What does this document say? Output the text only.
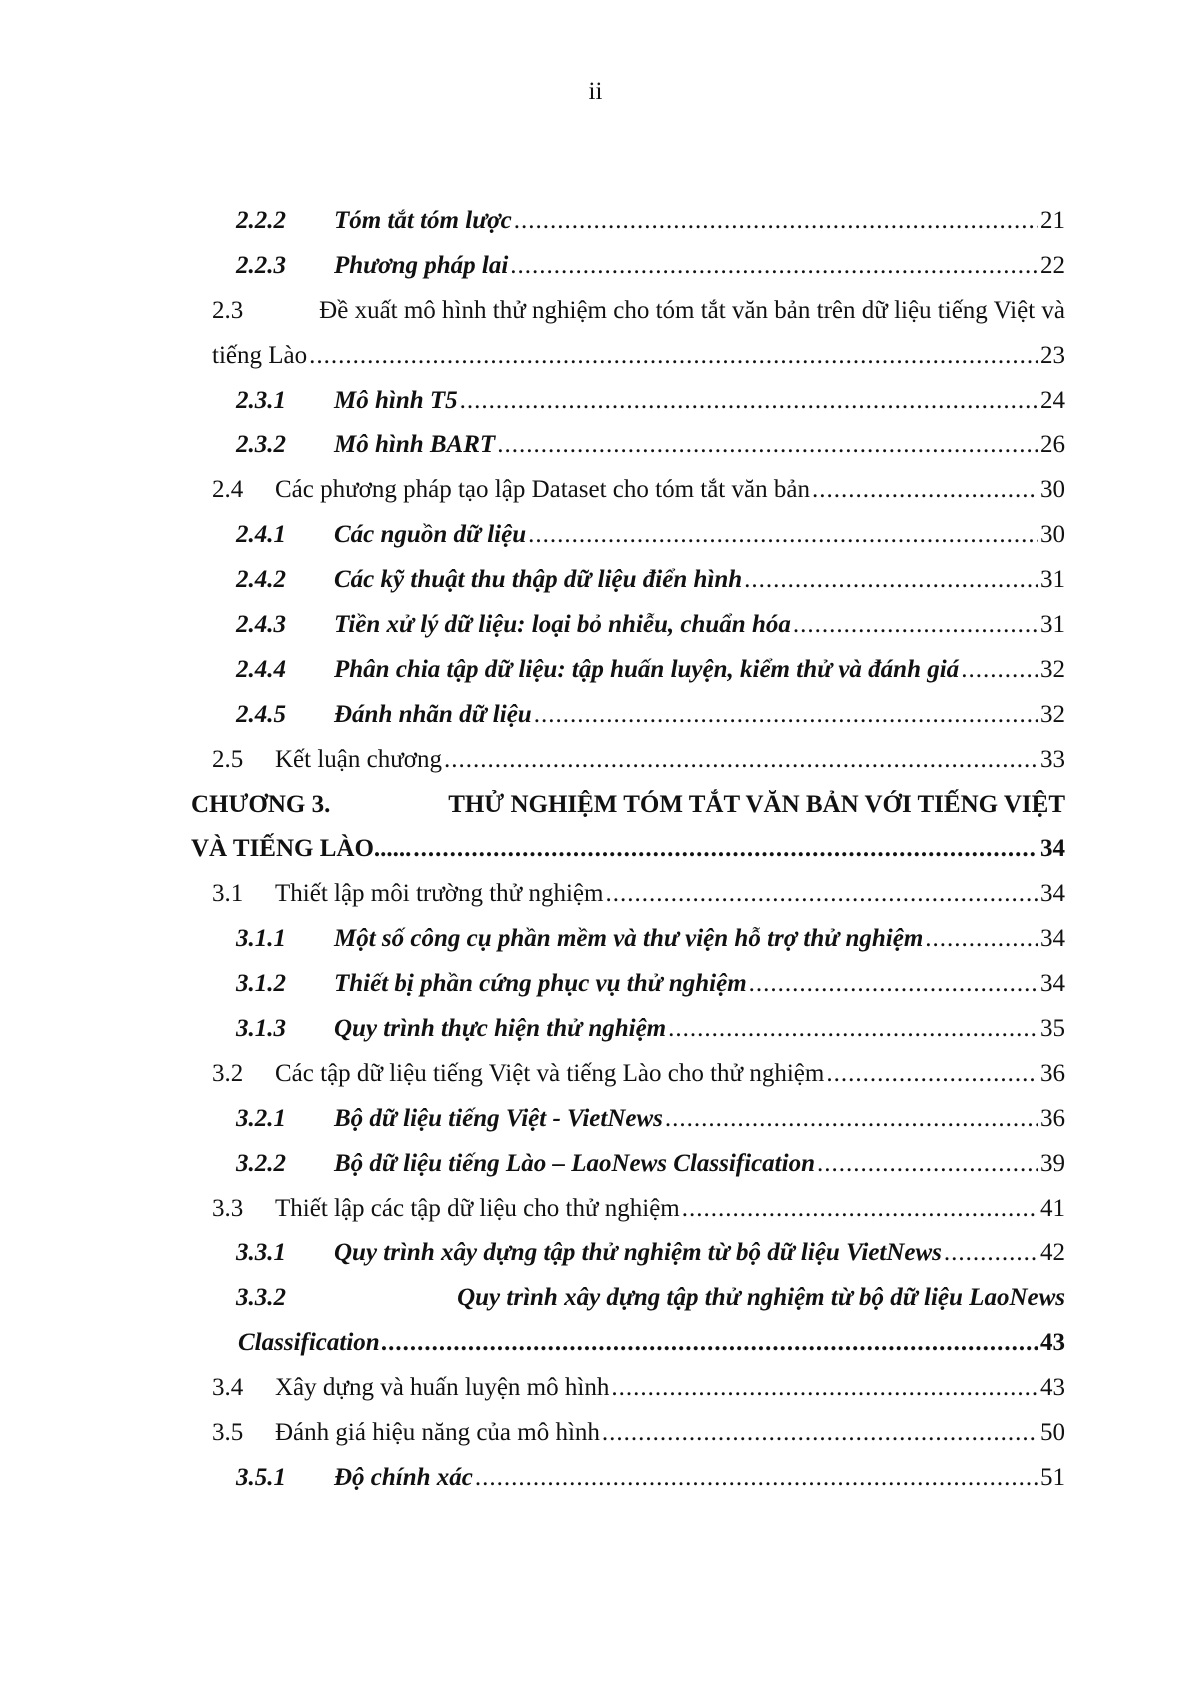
ii
2.2.2	Tóm tắt tóm lược .....	21
2.2.3	Phương pháp lai .....	22
2.3	Đề xuất mô hình thử nghiệm cho tóm tắt văn bản trên dữ liệu tiếng Việt và
tiếng Lào .....	23
2.3.1	Mô hình T5 .....	24
2.3.2	Mô hình BART .....	26
2.4	Các phương pháp tạo lập Dataset cho tóm tắt văn bản .....	30
2.4.1	Các nguồn dữ liệu .....	30
2.4.2	Các kỹ thuật thu thập dữ liệu điển hình .....	31
2.4.3	Tiền xử lý dữ liệu: loại bỏ nhiễu, chuẩn hóa .....	31
2.4.4	Phân chia tập dữ liệu: tập huấn luyện, kiểm thử và đánh giá .....	32
2.4.5	Đánh nhãn dữ liệu .....	32
2.5	Kết luận chương .....	33
CHƯƠNG 3.	THỬ NGHIỆM TÓM TẮT VĂN BẢN VỚI TIẾNG VIỆT
VÀ TIẾNG LÀO...... .....	34
3.1	Thiết lập môi trường thử nghiệm .....	34
3.1.1	Một số công cụ phần mềm và thư viện hỗ trợ thử nghiệm .....	34
3.1.2	Thiết bị phần cứng phục vụ thử nghiệm .....	34
3.1.3	Quy trình thực hiện thử nghiệm .....	35
3.2	Các tập dữ liệu tiếng Việt và tiếng Lào cho thử nghiệm .....	36
3.2.1	Bộ dữ liệu tiếng Việt - VietNews .....	36
3.2.2	Bộ dữ liệu tiếng Lào – LaoNews Classification .....	39
3.3	Thiết lập các tập dữ liệu cho thử nghiệm .....	41
3.3.1	Quy trình xây dựng tập thử nghiệm từ bộ dữ liệu VietNews .....	42
3.3.2	Quy trình xây dựng tập thử nghiệm từ bộ dữ liệu LaoNews
Classification .....	43
3.4	Xây dựng và huấn luyện mô hình .....	43
3.5	Đánh giá hiệu năng của mô hình .....	50
3.5.1	Độ chính xác .....	51
